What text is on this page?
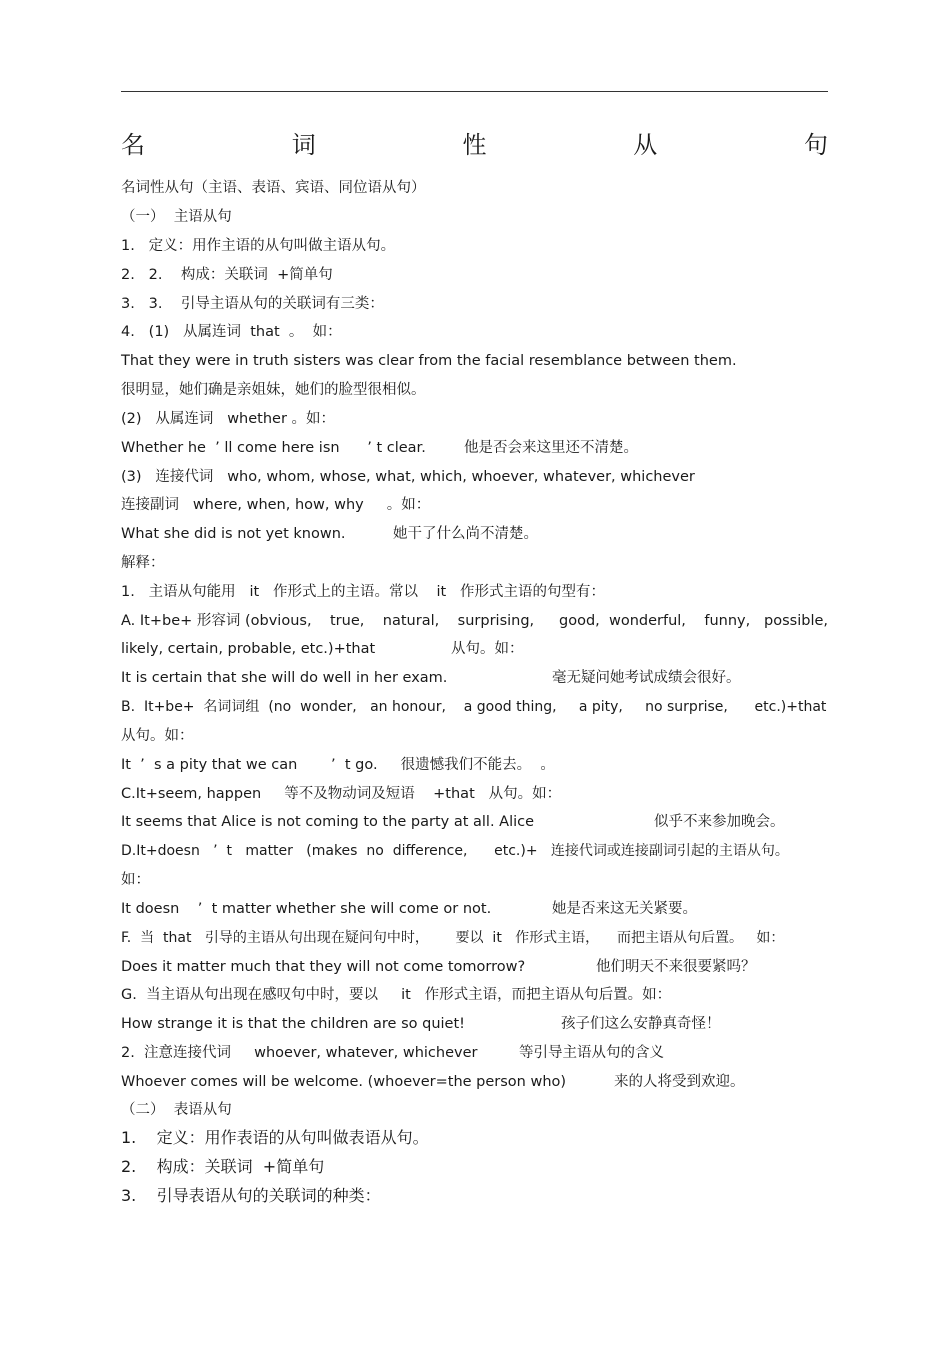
名	词	性	从	句
名词性从句（主语、表语、宾语、同位语从句）
（一）  主语从句
1.   定义：用作主语的从句叫做主语从句。
2.   2.    构成：关联词  +简单句
3.   3.    引导主语从句的关联词有三类：
4.   (1)   从属连词  that  。  如：
That they were in truth sisters was clear from the facial resemblance between them.
很明显，她们确是亲姐妹，她们的脸型很相似。
(2)   从属连词   whether 。如：
Whether he  ’ ll come here isn      ’ t clear.	他是否会来这里还不清楚。
(3)   连接代词   who, whom, whose, what, which, whoever, whatever, whichever
连接副词   where, when, how, why     。如：
What she did is not yet known.	她干了什么尚不清楚。
解释：
1.   主语从句能用   it   作形式上的主语。常以    it   作形式主语的句型有：
A. It+be+ 形容词 (obvious,    true,    natural,    surprising, good,  wonderful,    funny,   possible,
likely, certain, probable, etc.)+that	从句。如：
It is certain that she will do well in her exam.	毫无疑问她考试成绩会很好。
B.  It+be+  名词词组  (no  wonder,   an honour,    a good thing,     a pity,     no surprise,      etc.)+that
从句。如：
It  ’  s a pity that we can ’  t go.     很遗憾我们不能去。  。
C.It+seem, happen     等不及物动词及短语    +that   从句。如：
It seems that Alice is not coming to the party at all. Alice	似乎不来参加晚会。
D.It+doesn   ’  t   matter   (makes  no  difference,      etc.)+   连接代词或连接副词引起的主语从句。
如：
It doesn    ’  t matter whether she will come or not.	她是否来这无关紧要。
F.  当  that   引导的主语从句出现在疑问句中时，      要以  it   作形式主语，    而把主语从句后置。   如：
Does it matter much that they will not come tomorrow?	他们明天不来很要紧吗？
G.  当主语从句出现在感叹句中时，要以     it   作形式主语，而把主语从句后置。如：
How strange it is that the children are so quiet!	孩子们这么安静真奇怪！
2.  注意连接代词     whoever, whatever, whichever         等引导主语从句的含义
Whoever comes will be welcome. (whoever=the person who)	来的人将受到欢迎。
（二）  表语从句
1.    定义：用作表语的从句叫做表语从句。
2.    构成：关联词  +简单句
3.    引导表语从句的关联词的种类：
